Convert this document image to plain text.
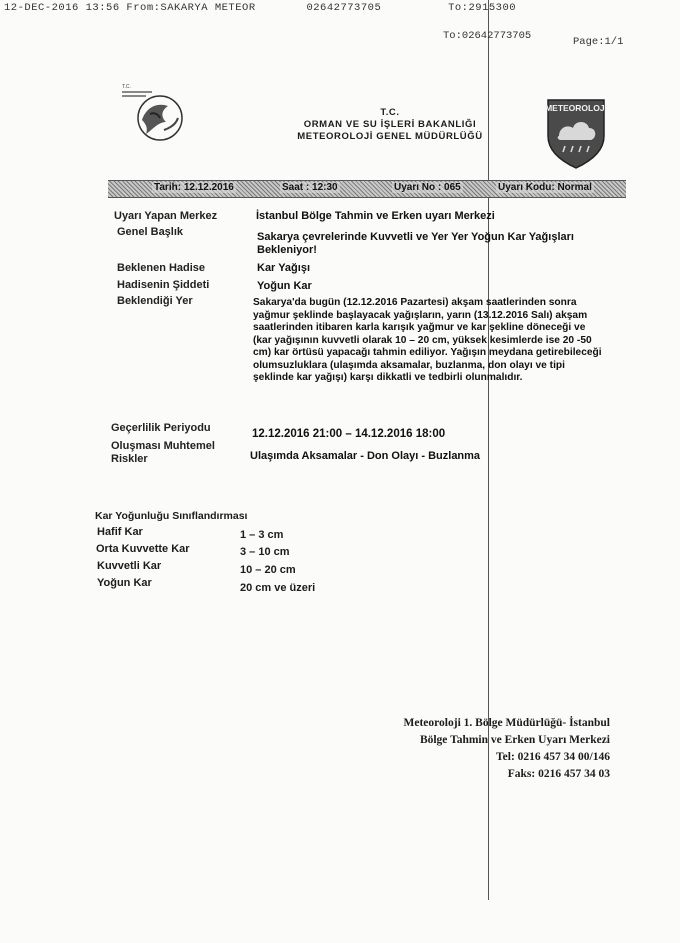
12-DEC-2016 13:56 From:SAKARYA METEOR	02642773705	To:2915300
To:02642773705	Page:1/1
T.C.
T.C.
ORMAN VE SU İŞLERİ BAKANLIĞI
METEOROLOJİ GENEL MÜDÜRLÜĞÜ
METEOROLOJİ
Tarih: 12.12.2016	Saat : 12:30	Uyarı No : 065	Uyarı Kodu: Normal
Uyarı Yapan Merkez	İstanbul Bölge Tahmin ve Erken uyarı Merkezi
Genel Başlık	Sakarya çevrelerinde Kuvvetli ve Yer Yer Yoğun Kar Yağışları Bekleniyor!
Beklenen Hadise	Kar Yağışı
Hadisenin Şiddeti	Yoğun Kar
Beklendiği Yer	Sakarya'da bugün (12.12.2016 Pazartesi) akşam saatlerinden sonra yağmur şeklinde başlayacak yağışların, yarın (13.12.2016 Salı) akşam saatlerinden itibaren karla karışık yağmur ve kar şekline döneceği ve (kar yağışının kuvvetli olarak 10 – 20 cm, yüksek kesimlerde ise 20 -50 cm) kar örtüsü yapacağı tahmin ediliyor. Yağışın meydana getirebileceği olumsuzluklara (ulaşımda aksamalar, buzlanma, don olayı ve tipi şeklinde kar yağışı) karşı dikkatli ve tedbirli olunmalıdır.
Geçerlilik Periyodu	12.12.2016 21:00 – 14.12.2016 18:00
Oluşması Muhtemel Riskler	Ulaşımda Aksamalar - Don Olayı - Buzlanma
Kar Yoğunluğu Sınıflandırması
Hafif Kar	1 – 3 cm
Orta Kuvvette Kar	3 – 10 cm
Kuvvetli Kar	10 – 20 cm
Yoğun Kar	20 cm ve üzeri
Meteoroloji 1. Bölge Müdürlüğü- İstanbul
Bölge Tahmin ve Erken Uyarı Merkezi
Tel: 0216 457 34 00/146
Faks: 0216 457 34 03
